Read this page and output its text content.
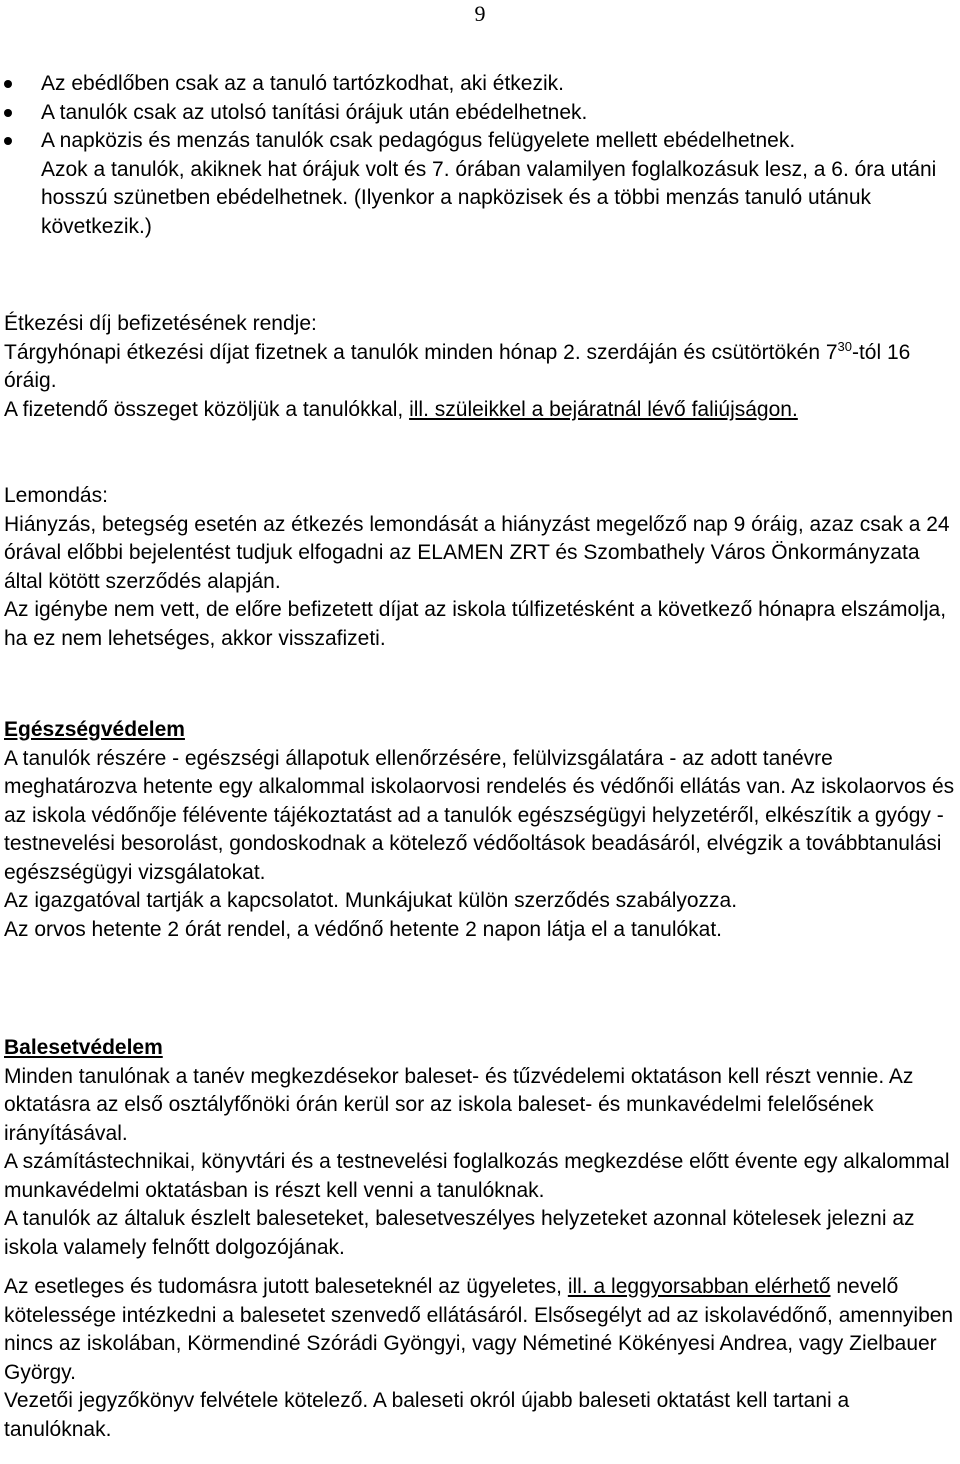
9
Az ebédlőben csak az a tanuló tartózkodhat, aki étkezik.
A tanulók csak az utolsó tanítási órájuk után ebédelhetnek.
A napközis és menzás tanulók csak pedagógus felügyelete mellett ebédelhetnek.
Azok a tanulók, akiknek hat órájuk volt és 7. órában valamilyen foglalkozásuk lesz, a 6. óra utáni hosszú szünetben ebédelhetnek. (Ilyenkor a napközisek és a többi menzás tanuló utánuk következik.)

Étkezési díj befizetésének rendje:

Tárgyhónapi étkezési díjat fizetnek a tanulók minden hónap 2. szerdáján és csütörtökén $7^{30}$-tól 16 óráig.

A fizetendő összeget közöljük a tanulókkal, ill. szüleikkel a bejáratnál lévő faliújságon.

Lemondás:

Hiányzás, betegség esetén az étkezés lemondását a hiányzást megelőző nap 9 óráig, azaz csak a 24 órával előbbi bejelentést tudjuk elfogadni az ELAMEN ZRT és Szombathely Város Önkormányzata által kötött szerződés alapján.

Az igénybe nem vett, de előre befizetett díjat az iskola túlfizetésként a következő hónapra elszámolja, ha ez nem lehetséges, akkor visszafizeti.

Egészségvédelem

A tanulók részére - egészségi állapotuk ellenőrzésére, felülvizsgálatára - az adott tanévre meghatározva hetente egy alkalommal iskolaorvosi rendelés és védőnői ellátás van. Az iskolaorvos és az iskola védőnője félévente tájékoztatást ad a tanulók egészségügyi helyzetéről, elkészítik a gyógy - testnevelési besorolást, gondoskodnak a kötelező védőoltások beadásáról, elvégzik a továbbtanulási egészségügyi vizsgálatokat.

Az igazgatóval tartják a kapcsolatot. Munkájukat külön szerződés szabályozza.

Az orvos hetente 2 órát rendel, a védőnő hetente 2 napon látja el a tanulókat.

Balesetvédelem

Minden tanulónak a tanév megkezdésekor baleset- és tűzvédelemi oktatáson kell részt vennie. Az oktatásra az első osztályfőnöki órán kerül sor az iskola baleset- és munkavédelmi felelősének irányításával.

A számítástechnikai, könyvtári és a testnevelési foglalkozás megkezdése előtt évente egy alkalommal munkavédelmi oktatásban is részt kell venni a tanulóknak.

A tanulók az általuk észlelt baleseteket, balesetveszélyes helyzeteket azonnal kötelesek jelezni az iskola valamely felnőtt dolgozójának.

Az esetleges és tudomásra jutott baleseteknél az ügyeletes, ill. a leggyorsabban elérhető nevelő kötelessége intézkedni a balesetet szenvedő ellátásáról. Elsősegélyt ad az iskolavédőnő, amennyiben nincs az iskolában, Körmendiné Szórádi Gyöngyi, vagy Németiné Kökényesi Andrea, vagy Zielbauer György.

Vezetői jegyzőkönyv felvétele kötelező. A baleseti okról újabb baleseti oktatást kell tartani a tanulóknak.
